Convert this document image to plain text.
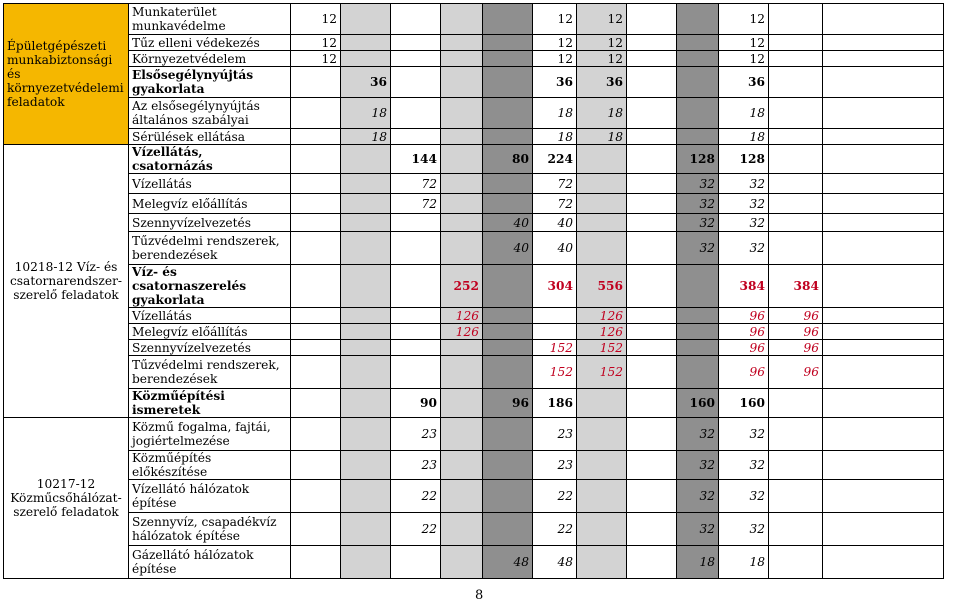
Épületgépészeti munkabiztonsági és környezetvédelemi feladatok	Munkaterület munkavédelme	12					12	12			12		
	Tűz elleni védekezés	12					12	12			12		
	Környezetvédelem	12					12	12			12		
	Elsősegélynyújtás gyakorlata		36				36	36			36		
	Az elsősegélynyújtás általános szabályai		18				18	18			18		
	Sérülések ellátása		18				18	18			18		
10218-12 Víz- és csatornarendszer-szerelő feladatok	Vízellátás, csatornázás			144		80	224			128	128		
	Vízellátás			72			72			32	32		
	Melegvíz előállítás			72			72			32	32		
	Szennyvízelvezetés					40	40			32	32		
	Tűzvédelmi rendszerek, berendezések					40	40			32	32		
	Víz- és csatornaszerelés gyakorlata				252		304	556			384	384	
	Vízellátás				126			126			96	96	
	Melegvíz előállítás				126			126			96	96	
	Szennyvízelvezetés						152	152			96	96	
	Tűzvédelmi rendszerek, berendezések						152	152			96	96	
	Közműépítési ismeretek			90		96	186			160	160		
10217-12 Közműcsőhálózat-szerelő feladatok	Közmű fogalma, fajtái, jogiértelmezése			23			23			32	32		
	Közműépítés előkészítése			23			23			32	32		
	Vízellátó hálózatok építése			22			22			32	32		
	Szennyvíz, csapadékvíz hálózatok építése			22			22			32	32		
	Gázellátó hálózatok építése					48	48			18	18		
8
